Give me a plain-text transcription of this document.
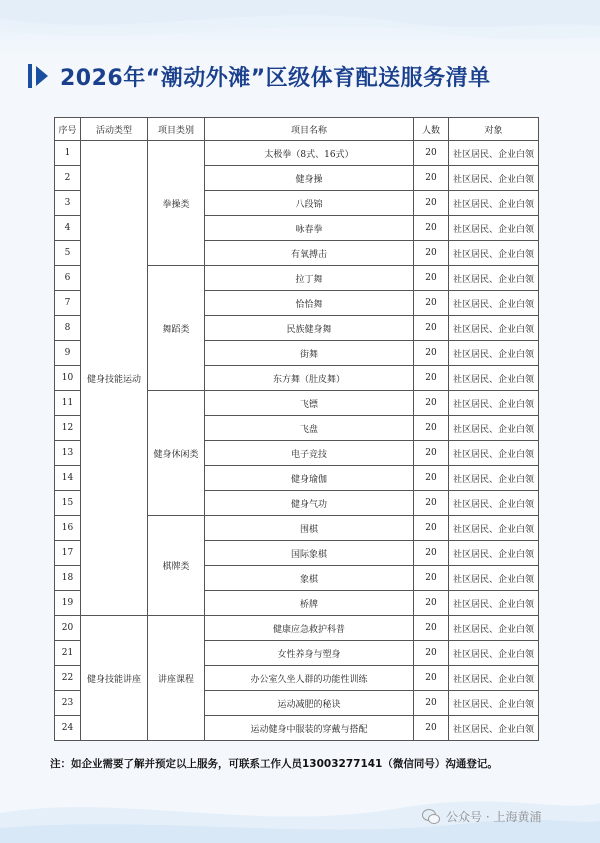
2026年“潮动外滩”区级体育配送服务清单
序号	活动类型	项目类别	项目名称	人数	对象
1	健身技能运动	拳操类	太极拳（8式、16式）	20	社区居民、企业白领
2			健身操	20	社区居民、企业白领
3			八段锦	20	社区居民、企业白领
4			咏春拳	20	社区居民、企业白领
5			有氧搏击	20	社区居民、企业白领
6		舞蹈类	拉丁舞	20	社区居民、企业白领
7			恰恰舞	20	社区居民、企业白领
8			民族健身舞	20	社区居民、企业白领
9			街舞	20	社区居民、企业白领
10			东方舞（肚皮舞）	20	社区居民、企业白领
11		健身休闲类	飞镖	20	社区居民、企业白领
12			飞盘	20	社区居民、企业白领
13			电子竞技	20	社区居民、企业白领
14			健身瑜伽	20	社区居民、企业白领
15			健身气功	20	社区居民、企业白领
16		棋牌类	围棋	20	社区居民、企业白领
17			国际象棋	20	社区居民、企业白领
18			象棋	20	社区居民、企业白领
19			桥牌	20	社区居民、企业白领
20	健身技能讲座	讲座课程	健康应急救护科普	20	社区居民、企业白领
21			女性养身与塑身	20	社区居民、企业白领
22			办公室久坐人群的功能性训练	20	社区居民、企业白领
23			运动减肥的秘诀	20	社区居民、企业白领
24			运动健身中服装的穿戴与搭配	20	社区居民、企业白领
注：如企业需要了解并预定以上服务，可联系工作人员13003277141（微信同号）沟通登记。
公众号 · 上海黄浦
